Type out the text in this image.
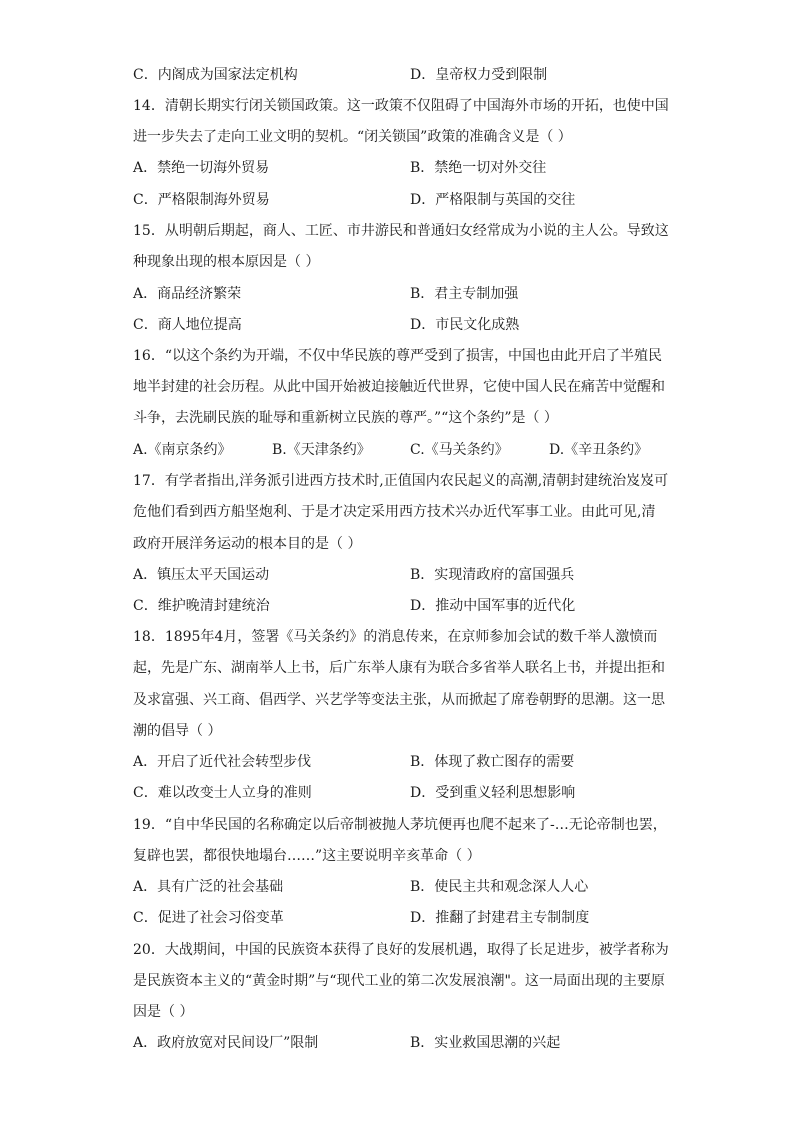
C．内阁成为国家法定机构	D．皇帝权力受到限制
14．清朝长期实行闭关锁国政策。这一政策不仅阻碍了中国海外市场的开拓，也使中国
进一步失去了走向工业文明的契机。“闭关锁国”政策的准确含义是（ ）
A．禁绝一切海外贸易	B．禁绝一切对外交往
C．严格限制海外贸易	D．严格限制与英国的交往
15．从明朝后期起，商人、工匠、市井游民和普通妇女经常成为小说的主人公。导致这
种现象出现的根本原因是（ ）
A．商品经济繁荣	B．君主专制加强
C．商人地位提高	D．市民文化成熟
16．“以这个条约为开端，不仅中华民族的尊严受到了损害，中国也由此开启了半殖民
地半封建的社会历程。从此中国开始被迫接触近代世界，它使中国人民在痛苦中觉醒和
斗争，去洗刷民族的耻辱和重新树立民族的尊严。”“这个条约”是（ ）
A.《南京条约》	B.《天津条约》	C.《马关条约》	D.《辛丑条约》
17．有学者指出,洋务派引进西方技术时,正值国内农民起义的高潮,清朝封建统治岌岌可
危他们看到西方船坚炮利、于是才决定采用西方技术兴办近代军事工业。由此可见,清
政府开展洋务运动的根本目的是（ ）
A．镇压太平天国运动	B．实现清政府的富国强兵
C．维护晚清封建统治	D．推动中国军事的近代化
18．1895年4月，签署《马关条约》的消息传来，在京师参加会试的数千举人激愤而
起，先是广东、湖南举人上书，后广东举人康有为联合多省举人联名上书，并提出拒和
及求富强、兴工商、倡西学、兴艺学等变法主张，从而掀起了席卷朝野的思潮。这一思
潮的倡导（ ）
A．开启了近代社会转型步伐	B．体现了救亡图存的需要
C．难以改变士人立身的准则	D．受到重义轻利思想影响
19．“自中华民国的名称确定以后帝制被抛人茅坑便再也爬不起来了-…无论帝制也罢，
复辟也罢，都很快地塌台……”这主要说明辛亥革命（ ）
A．具有广泛的社会基础	B．使民主共和观念深人人心
C．促进了社会习俗变革	D．推翻了封建君主专制制度
20．大战期间，中国的民族资本获得了良好的发展机遇，取得了长足进步，被学者称为
是民族资本主义的“黄金时期”与“现代工业的第二次发展浪潮"。这一局面出现的主要原
因是（ ）
A．政府放宽对民间设厂”限制	B．实业救国思潮的兴起
